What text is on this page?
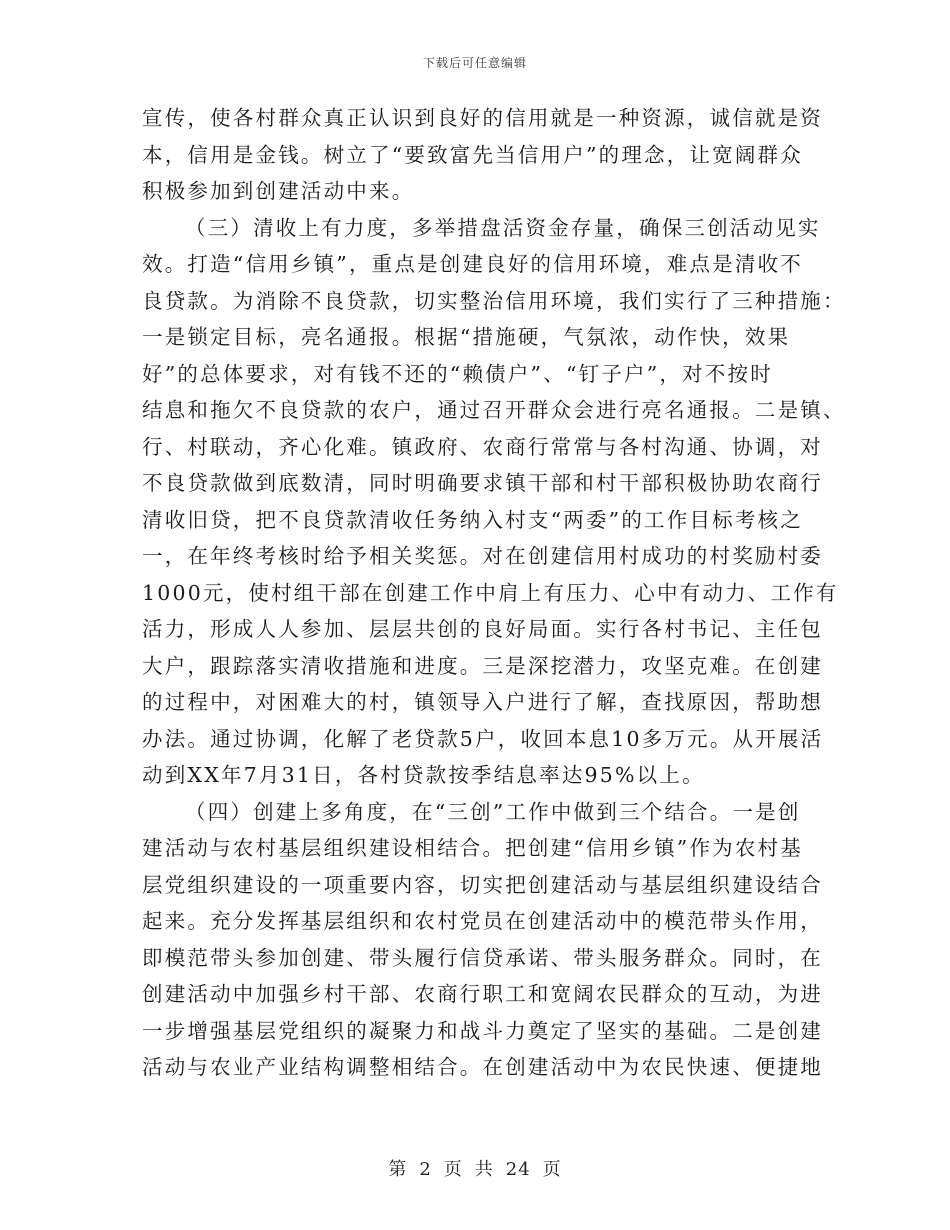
下载后可任意编辑
宣传，使各村群众真正认识到良好的信用就是一种资源，诚信就是资
本，信用是金钱。树立了“要致富先当信用户”的理念，让宽阔群众
积极参加到创建活动中来。
（三）清收上有力度，多举措盘活资金存量，确保三创活动见实
效。打造“信用乡镇”，重点是创建良好的信用环境，难点是清收不
良贷款。为消除不良贷款，切实整治信用环境，我们实行了三种措施：
一是锁定目标，亮名通报。根据“措施硬，气氛浓，动作快，效果
好”的总体要求，对有钱不还的“赖债户”、“钉子户”，对不按时
结息和拖欠不良贷款的农户，通过召开群众会进行亮名通报。二是镇、
行、村联动，齐心化难。镇政府、农商行常常与各村沟通、协调，对
不良贷款做到底数清，同时明确要求镇干部和村干部积极协助农商行
清收旧贷，把不良贷款清收任务纳入村支“两委”的工作目标考核之
一，在年终考核时给予相关奖惩。对在创建信用村成功的村奖励村委
1000元，使村组干部在创建工作中肩上有压力、心中有动力、工作有
活力，形成人人参加、层层共创的良好局面。实行各村书记、主任包
大户，跟踪落实清收措施和进度。三是深挖潜力，攻坚克难。在创建
的过程中，对困难大的村，镇领导入户进行了解，查找原因，帮助想
办法。通过协调，化解了老贷款5户，收回本息10多万元。从开展活
动到XX年7月31日，各村贷款按季结息率达95%以上。
（四）创建上多角度，在“三创”工作中做到三个结合。一是创
建活动与农村基层组织建设相结合。把创建“信用乡镇”作为农村基
层党组织建设的一项重要内容，切实把创建活动与基层组织建设结合
起来。充分发挥基层组织和农村党员在创建活动中的模范带头作用，
即模范带头参加创建、带头履行信贷承诺、带头服务群众。同时，在
创建活动中加强乡村干部、农商行职工和宽阔农民群众的互动，为进
一步增强基层党组织的凝聚力和战斗力奠定了坚实的基础。二是创建
活动与农业产业结构调整相结合。在创建活动中为农民快速、便捷地
第 2 页 共 24 页
